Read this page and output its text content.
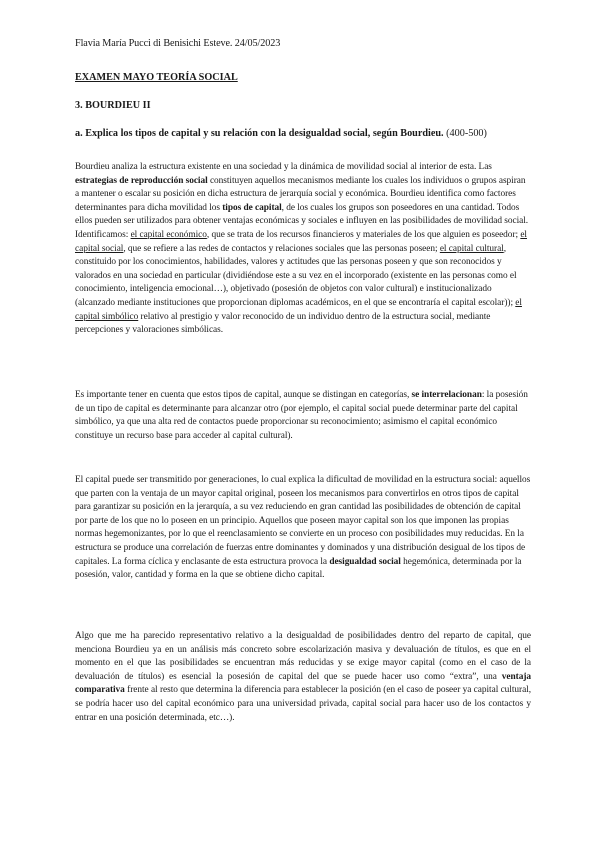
Flavia María Pucci di Benisichi Esteve. 24/05/2023
EXAMEN MAYO TEORÍA SOCIAL
3. BOURDIEU II
a. Explica los tipos de capital y su relación con la desigualdad social, según Bourdieu. (400-500)
Bourdieu analiza la estructura existente en una sociedad y la dinámica de movilidad social al interior de esta. Las estrategias de reproducción social constituyen aquellos mecanismos mediante los cuales los individuos o grupos aspiran a mantener o escalar su posición en dicha estructura de jerarquía social y económica. Bourdieu identifica como factores determinantes para dicha movilidad los tipos de capital, de los cuales los grupos son poseedores en una cantidad. Todos ellos pueden ser utilizados para obtener ventajas económicas y sociales e influyen en las posibilidades de movilidad social. Identificamos: el capital económico, que se trata de los recursos financieros y materiales de los que alguien es poseedor; el capital social, que se refiere a las redes de contactos y relaciones sociales que las personas poseen; el capital cultural, constituido por los conocimientos, habilidades, valores y actitudes que las personas poseen y que son reconocidos y valorados en una sociedad en particular (dividiéndose este a su vez en el incorporado (existente en las personas como el conocimiento, inteligencia emocional…), objetivado (posesión de objetos con valor cultural) e institucionalizado (alcanzado mediante instituciones que proporcionan diplomas académicos, en el que se encontraría el capital escolar)); el capital simbólico relativo al prestigio y valor reconocido de un individuo dentro de la estructura social, mediante percepciones y valoraciones simbólicas.
Es importante tener en cuenta que estos tipos de capital, aunque se distingan en categorías, se interrelacionan: la posesión de un tipo de capital es determinante para alcanzar otro (por ejemplo, el capital social puede determinar parte del capital simbólico, ya que una alta red de contactos puede proporcionar su reconocimiento; asimismo el capital económico constituye un recurso base para acceder al capital cultural).
El capital puede ser transmitido por generaciones, lo cual explica la dificultad de movilidad en la estructura social: aquellos que parten con la ventaja de un mayor capital original, poseen los mecanismos para convertirlos en otros tipos de capital para garantizar su posición en la jerarquía, a su vez reduciendo en gran cantidad las posibilidades de obtención de capital por parte de los que no lo poseen en un principio. Aquellos que poseen mayor capital son los que imponen las propias normas hegemonizantes, por lo que el reenclasamiento se convierte en un proceso con posibilidades muy reducidas. En la estructura se produce una correlación de fuerzas entre dominantes y dominados y una distribución desigual de los tipos de capitales. La forma cíclica y enclasante de esta estructura provoca la desigualdad social hegemónica, determinada por la posesión, valor, cantidad y forma en la que se obtiene dicho capital.
Algo que me ha parecido representativo relativo a la desigualdad de posibilidades dentro del reparto de capital, que menciona Bourdieu ya en un análisis más concreto sobre escolarización masiva y devaluación de títulos, es que en el momento en el que las posibilidades se encuentran más reducidas y se exige mayor capital (como en el caso de la devaluación de títulos) es esencial la posesión de capital del que se puede hacer uso como “extra”, una ventaja comparativa frente al resto que determina la diferencia para establecer la posición (en el caso de poseer ya capital cultural, se podría hacer uso del capital económico para una universidad privada, capital social para hacer uso de los contactos y entrar en una posición determinada, etc…).
